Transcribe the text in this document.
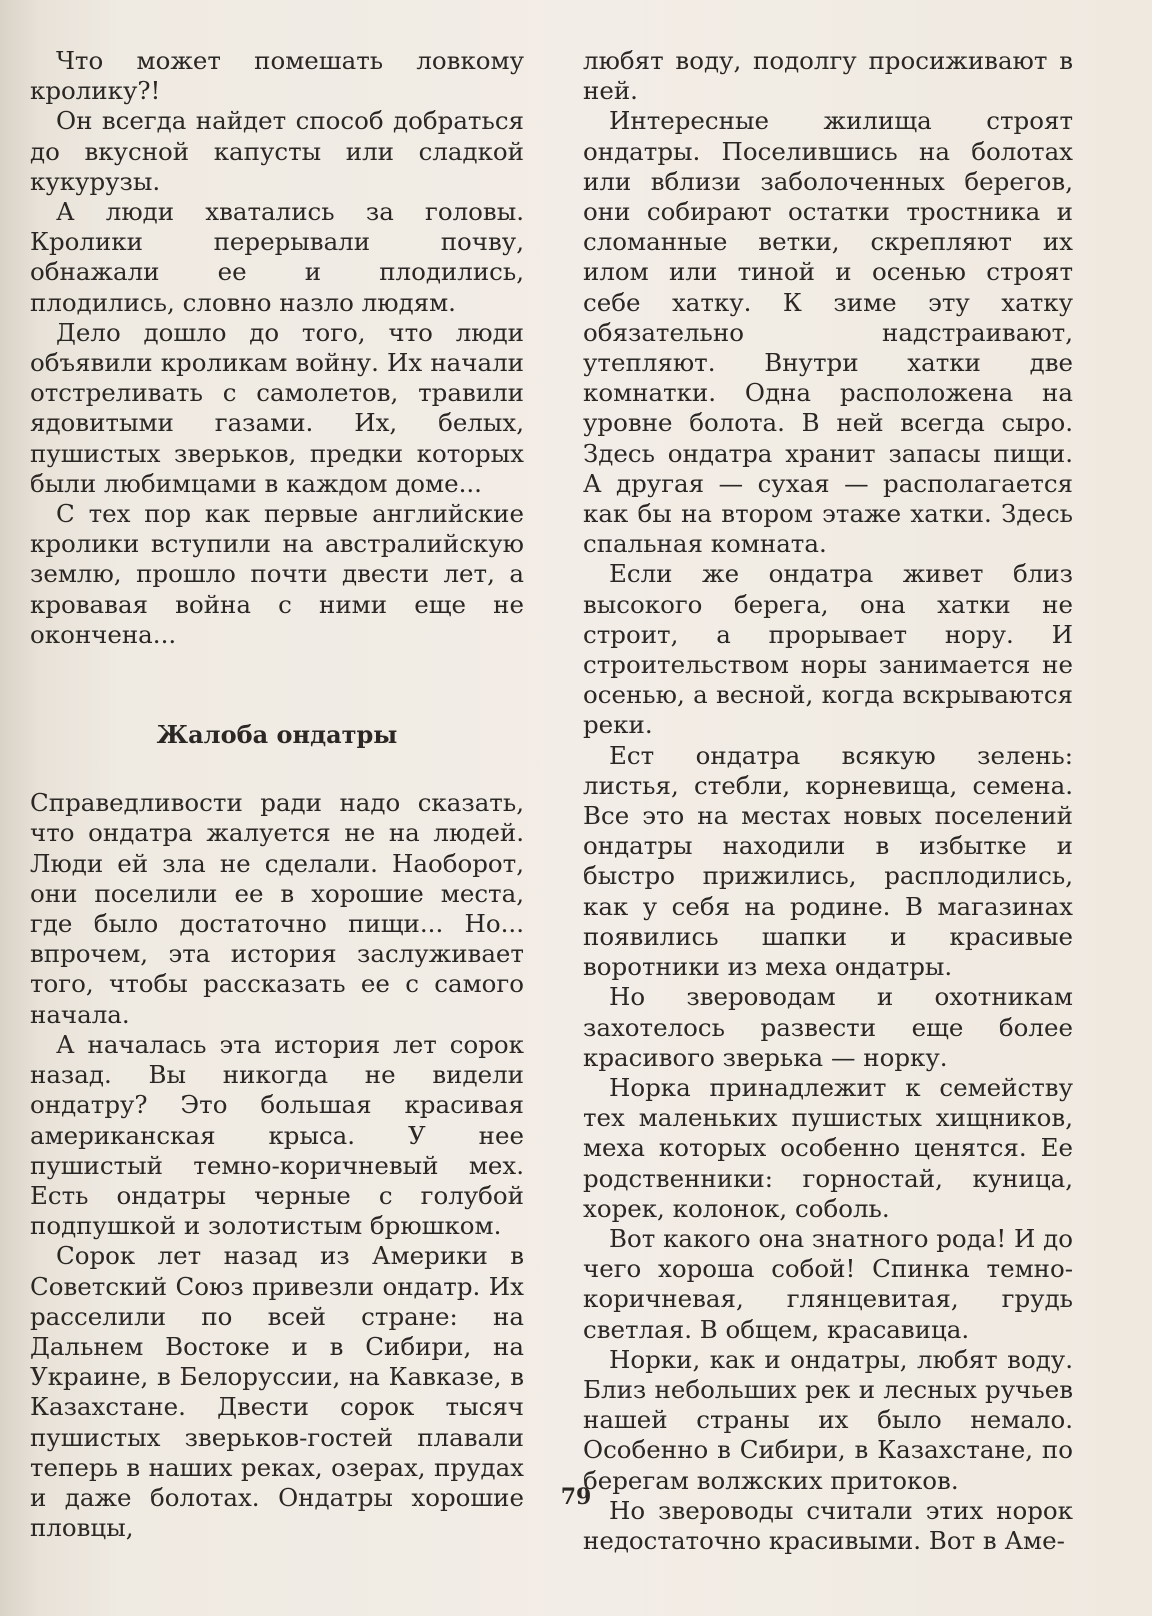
Что может помешать ловкому кролику?!

Он всегда найдет способ добраться до вкусной капусты или сладкой кукурузы.

А люди хватались за головы. Кролики перерывали почву, обнажали ее и плодились, плодились, словно назло людям.

Дело дошло до того, что люди объявили кроликам войну. Их начали отстреливать с самолетов, травили ядовитыми газами. Их, белых, пушистых зверьков, предки которых были любимцами в каждом доме...

С тех пор как первые английские кролики вступили на австралийскую землю, прошло почти двести лет, а кровавая война с ними еще не окончена...

Жалоба ондатры

Справедливости ради надо сказать, что ондатра жалуется не на людей. Люди ей зла не сделали. Наоборот, они поселили ее в хорошие места, где было достаточно пищи... Но... впрочем, эта история заслуживает того, чтобы рассказать ее с самого начала.

А началась эта история лет сорок назад. Вы никогда не видели ондатру? Это большая красивая американская крыса. У нее пушистый темно-коричневый мех. Есть ондатры черные с голубой подпушкой и золотистым брюшком.

Сорок лет назад из Америки в Советский Союз привезли ондатр. Их расселили по всей стране: на Дальнем Востоке и в Сибири, на Украине, в Белоруссии, на Кавказе, в Казахстане. Двести сорок тысяч пушистых зверьков-гостей плавали теперь в наших реках, озерах, прудах и даже болотах. Ондатры хорошие пловцы,

любят воду, подолгу просиживают в ней.

Интересные жилища строят ондатры. Поселившись на болотах или вблизи заболоченных берегов, они собирают остатки тростника и сломанные ветки, скрепляют их илом или тиной и осенью строят себе хатку. К зиме эту хатку обязательно надстраивают, утепляют. Внутри хатки две комнатки. Одна расположена на уровне болота. В ней всегда сыро. Здесь ондатра хранит запасы пищи. А другая — сухая — располагается как бы на втором этаже хатки. Здесь спальная комната.

Если же ондатра живет близ высокого берега, она хатки не строит, а прорывает нору. И строительством норы занимается не осенью, а весной, когда вскрываются реки.

Ест ондатра всякую зелень: листья, стебли, корневища, семена. Все это на местах новых поселений ондатры находили в избытке и быстро прижились, расплодились, как у себя на родине. В магазинах появились шапки и красивые воротники из меха ондатры.

Но звероводам и охотникам захотелось развести еще более красивого зверька — норку.

Норка принадлежит к семейству тех маленьких пушистых хищников, меха которых особенно ценятся. Ее родственники: горностай, куница, хорек, колонок, соболь.

Вот какого она знатного рода! И до чего хороша собой! Спинка темно-коричневая, глянцевитая, грудь светлая. В общем, красавица.

Норки, как и ондатры, любят воду. Близ небольших рек и лесных ручьев нашей страны их было немало. Особенно в Сибири, в Казахстане, по берегам волжских притоков.

Но звероводы считали этих норок недостаточно красивыми. Вот в Аме-

79
